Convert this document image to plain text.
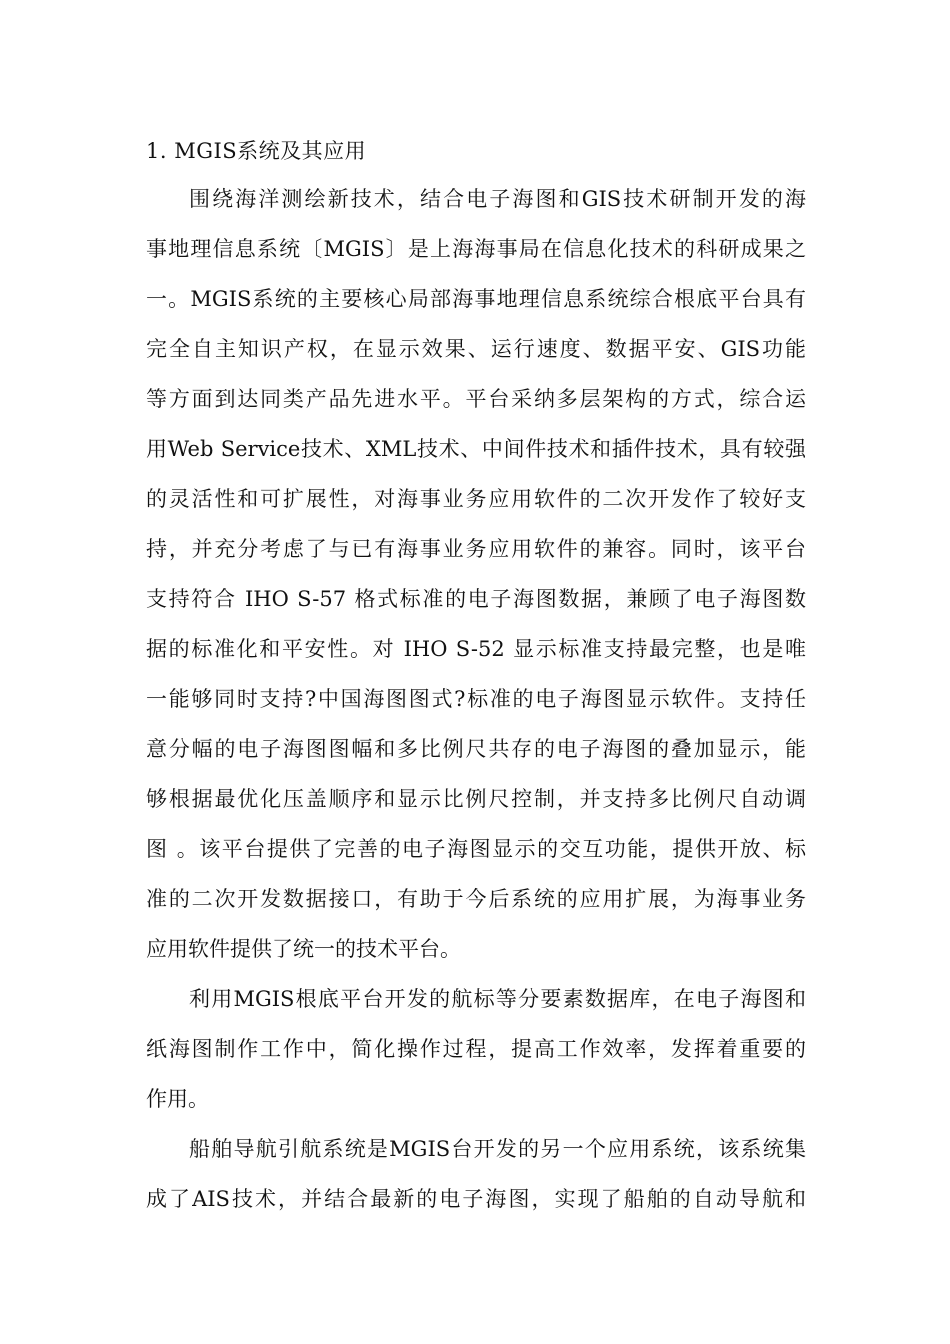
1. MGIS系统及其应用
围绕海洋测绘新技术，结合电子海图和GIS技术研制开发的海
事地理信息系统〔MGIS〕是上海海事局在信息化技术的科研成果之
一。MGIS系统的主要核心局部海事地理信息系统综合根底平台具有
完全自主知识产权，在显示效果、运行速度、数据平安、GIS功能
等方面到达同类产品先进水平。平台采纳多层架构的方式，综合运
用Web Service技术、XML技术、中间件技术和插件技术，具有较强
的灵活性和可扩展性，对海事业务应用软件的二次开发作了较好支
持，并充分考虑了与已有海事业务应用软件的兼容。同时，该平台
支持符合 IHO S-57 格式标准的电子海图数据，兼顾了电子海图数
据的标准化和平安性。对 IHO S-52 显示标准支持最完整，也是唯
一能够同时支持?中国海图图式?标准的电子海图显示软件。支持任
意分幅的电子海图图幅和多比例尺共存的电子海图的叠加显示，能
够根据最优化压盖顺序和显示比例尺控制，并支持多比例尺自动调
图 。该平台提供了完善的电子海图显示的交互功能，提供开放、标
准的二次开发数据接口，有助于今后系统的应用扩展，为海事业务
应用软件提供了统一的技术平台。
利用MGIS根底平台开发的航标等分要素数据库，在电子海图和
纸海图制作工作中，简化操作过程，提高工作效率，发挥着重要的
作用。
船舶导航引航系统是MGIS台开发的另一个应用系统，该系统集
成了AIS技术，并结合最新的电子海图，实现了船舶的自动导航和
